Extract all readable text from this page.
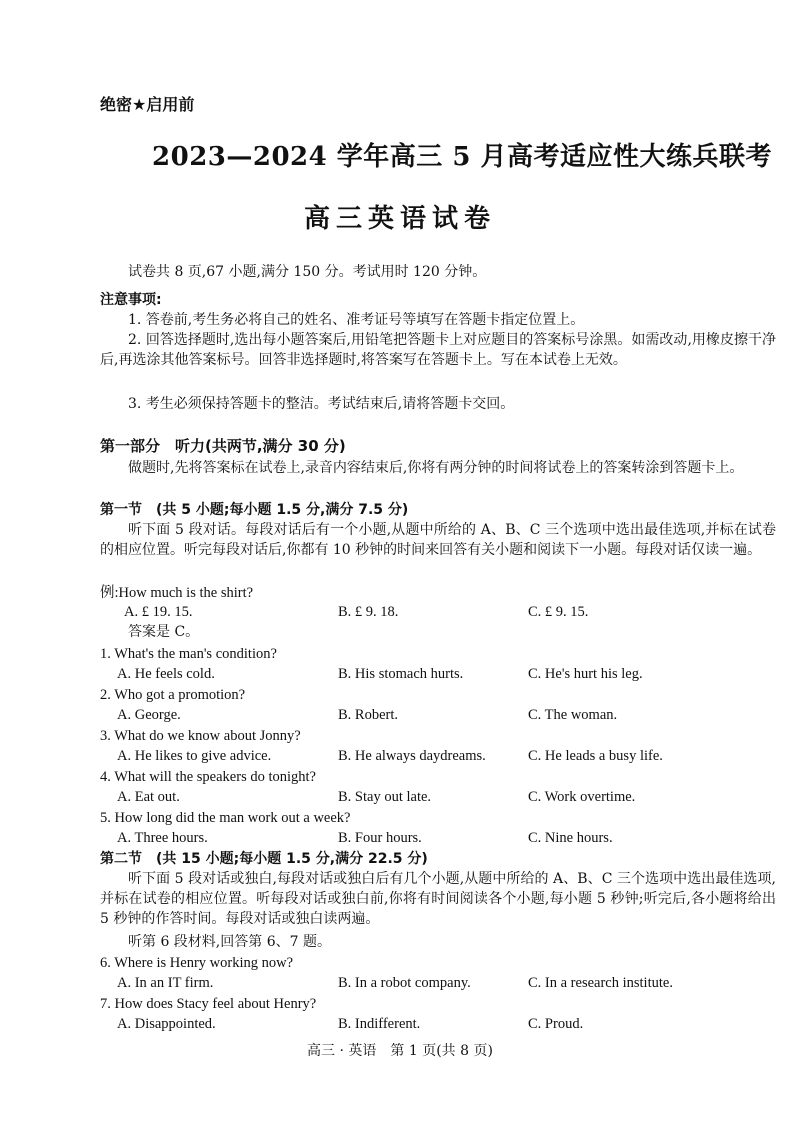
绝密★启用前
2023—2024 学年高三 5 月高考适应性大练兵联考
高三英语试卷
试卷共 8 页,67 小题,满分 150 分。考试用时 120 分钟。
注意事项:
1. 答卷前,考生务必将自己的姓名、准考证号等填写在答题卡指定位置上。
2. 回答选择题时,选出每小题答案后,用铅笔把答题卡上对应题目的答案标号涂黑。如需改动,用橡皮擦干净后,再选涂其他答案标号。回答非选择题时,将答案写在答题卡上。写在本试卷上无效。
3. 考生必须保持答题卡的整洁。考试结束后,请将答题卡交回。
第一部分　听力(共两节,满分 30 分)
做题时,先将答案标在试卷上,录音内容结束后,你将有两分钟的时间将试卷上的答案转涂到答题卡上。
第一节　(共 5 小题;每小题 1.5 分,满分 7.5 分)
听下面 5 段对话。每段对话后有一个小题,从题中所给的 A、B、C 三个选项中选出最佳选项,并标在试卷的相应位置。听完每段对话后,你都有 10 秒钟的时间来回答有关小题和阅读下一小题。每段对话仅读一遍。
例:How much is the shirt?
A. £ 19. 15.	B. £ 9. 18.	C. £ 9. 15.
答案是 C。
1. What's the man's condition?
A. He feels cold.	B. His stomach hurts.	C. He's hurt his leg.
2. Who got a promotion?
A. George.	B. Robert.	C. The woman.
3. What do we know about Jonny?
A. He likes to give advice.	B. He always daydreams.	C. He leads a busy life.
4. What will the speakers do tonight?
A. Eat out.	B. Stay out late.	C. Work overtime.
5. How long did the man work out a week?
A. Three hours.	B. Four hours.	C. Nine hours.
第二节　(共 15 小题;每小题 1.5 分,满分 22.5 分)
听下面 5 段对话或独白,每段对话或独白后有几个小题,从题中所给的 A、B、C 三个选项中选出最佳选项,并标在试卷的相应位置。听每段对话或独白前,你将有时间阅读各个小题,每小题 5 秒钟;听完后,各小题将给出 5 秒钟的作答时间。每段对话或独白读两遍。
听第 6 段材料,回答第 6、7 题。
6. Where is Henry working now?
A. In an IT firm.	B. In a robot company.	C. In a research institute.
7. How does Stacy feel about Henry?
A. Disappointed.	B. Indifferent.	C. Proud.
高三 · 英语　第 1 页(共 8 页)
